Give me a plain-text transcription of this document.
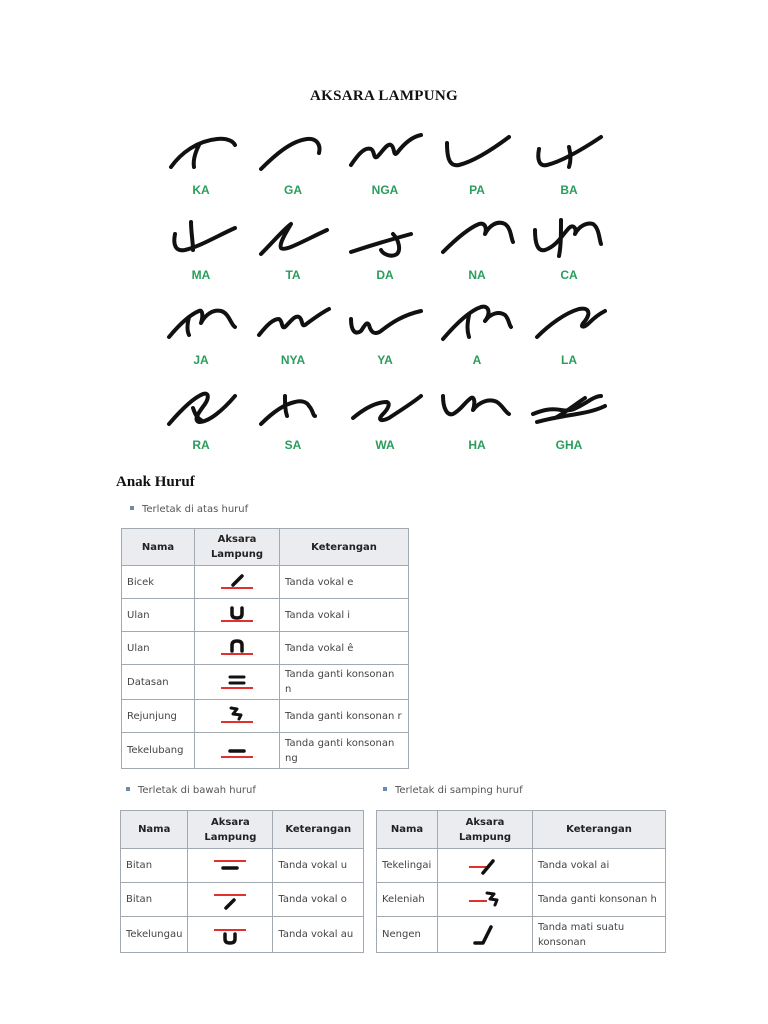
AKSARA LAMPUNG
KA	GA	NGA	PA	BA
MA	TA	DA	NA	CA
JA	NYA	YA	A	LA
RA	SA	WA	HA	GHA
Anak Huruf
Terletak di atas huruf
Nama	Aksara Lampung	Keterangan
Bicek		Tanda vokal e
Ulan		Tanda vokal i
Ulan		Tanda vokal ê
Datasan		Tanda ganti konsonan n
Rejunjung		Tanda ganti konsonan r
Tekelubang		Tanda ganti konsonan ng
Terletak di bawah huruf
Nama	Aksara Lampung	Keterangan
Bitan		Tanda vokal u
Bitan		Tanda vokal o
Tekelungau		Tanda vokal au
Terletak di samping huruf
Nama	Aksara Lampung	Keterangan
Tekelingai		Tanda vokal ai
Keleniah		Tanda ganti konsonan h
Nengen		Tanda mati suatu konsonan
